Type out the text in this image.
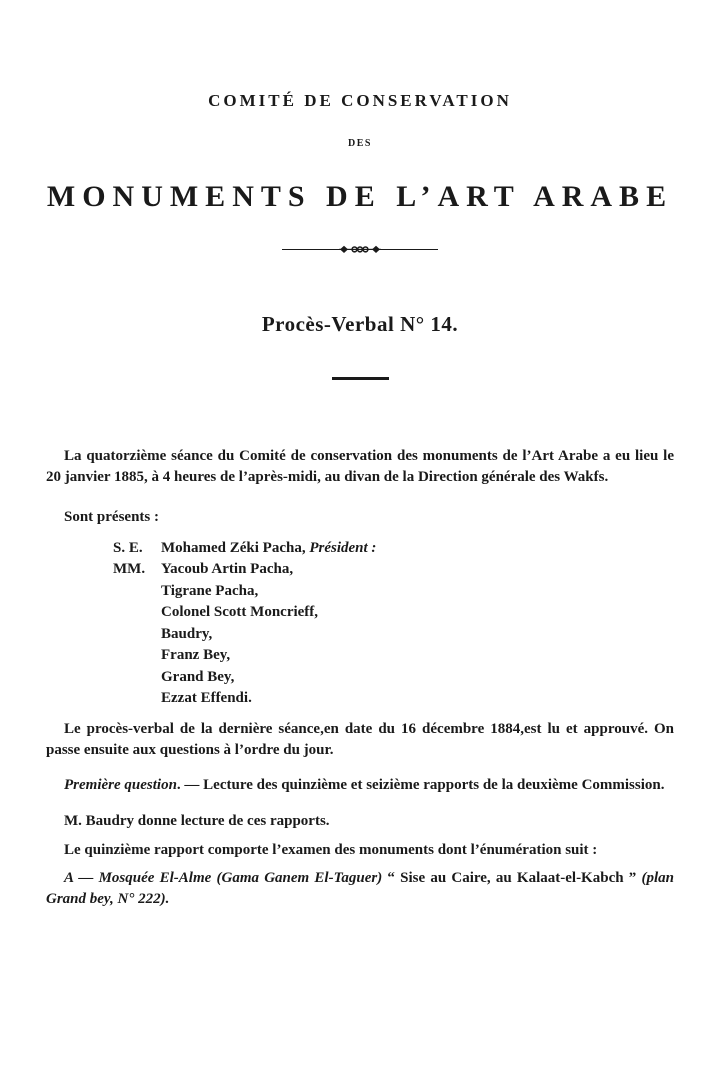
COMITÉ DE CONSERVATION
DES
MONUMENTS DE L’ART ARABE
Procès-Verbal N° 14.

La quatorzième séance du Comité de conservation des monuments de l’Art Arabe a eu lieu le 20 janvier 1885, à 4 heures de l’après-midi, au divan de la Direction générale des Wakfs.

Sont présents :

S. E.	Mohamed Zéki Pacha, Président :
MM.	Yacoub Artin Pacha,
Tigrane Pacha,
Colonel Scott Moncrieff,
Baudry,
Franz Bey,
Grand Bey,
Ezzat Effendi.

Le procès-verbal de la dernière séance,en date du 16 décembre 1884,est lu et approuvé. On passe ensuite aux questions à l’ordre du jour.

Première question. — Lecture des quinzième et seizième rapports de la deuxième Commission.

M. Baudry donne lecture de ces rapports.

Le quinzième rapport comporte l’examen des monuments dont l’énumération suit :

A — Mosquée El-Alme (Gama Ganem El-Taguer) “ Sise au Caire, au Kalaat-el-Kabch ” (plan Grand bey, N° 222).
